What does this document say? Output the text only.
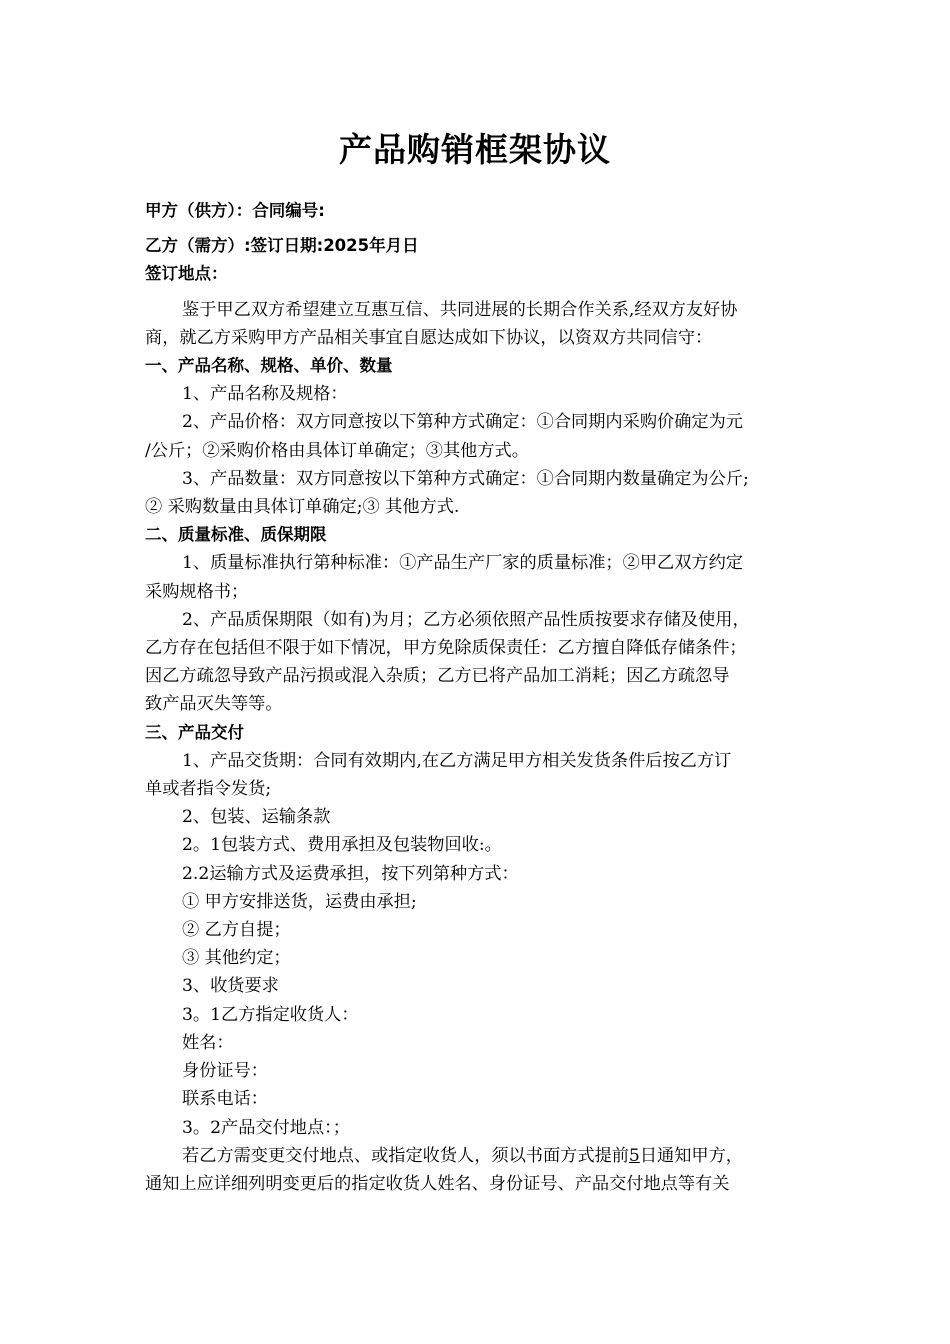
产品购销框架协议

甲方（供方）：合同编号:

乙方（需方）:签订日期:2025年月日

签订地点：

鉴于甲乙双方希望建立互惠互信、共同进展的长期合作关系,经双方友好协

商，就乙方采购甲方产品相关事宜自愿达成如下协议，以资双方共同信守：

一、产品名称、规格、单价、数量

1、产品名称及规格：

2、产品价格：双方同意按以下第种方式确定：①合同期内采购价确定为元

/公斤；②采购价格由具体订单确定；③其他方式。

3、产品数量：双方同意按以下第种方式确定：①合同期内数量确定为公斤;

② 采购数量由具体订单确定;③ 其他方式.

二、质量标准、质保期限

1、质量标准执行第种标准：①产品生产厂家的质量标准；②甲乙双方约定

采购规格书；

2、产品质保期限（如有)为月；乙方必须依照产品性质按要求存储及使用，

乙方存在包括但不限于如下情况，甲方免除质保责任：乙方擅自降低存储条件；

因乙方疏忽导致产品污损或混入杂质；乙方已将产品加工消耗；因乙方疏忽导

致产品灭失等等。

三、产品交付

1、产品交货期：合同有效期内,在乙方满足甲方相关发货条件后按乙方订

单或者指令发货;

2、包装、运输条款

2。1包装方式、费用承担及包装物回收:。

2.2运输方式及运费承担，按下列第种方式：

① 甲方安排送货，运费由承担;

② 乙方自提；

③ 其他约定；

3、收货要求

3。1乙方指定收货人：

姓名：

身份证号：

联系电话：

3。2产品交付地点：；

若乙方需变更交付地点、或指定收货人，须以书面方式提前5日通知甲方，

通知上应详细列明变更后的指定收货人姓名、身份证号、产品交付地点等有关
